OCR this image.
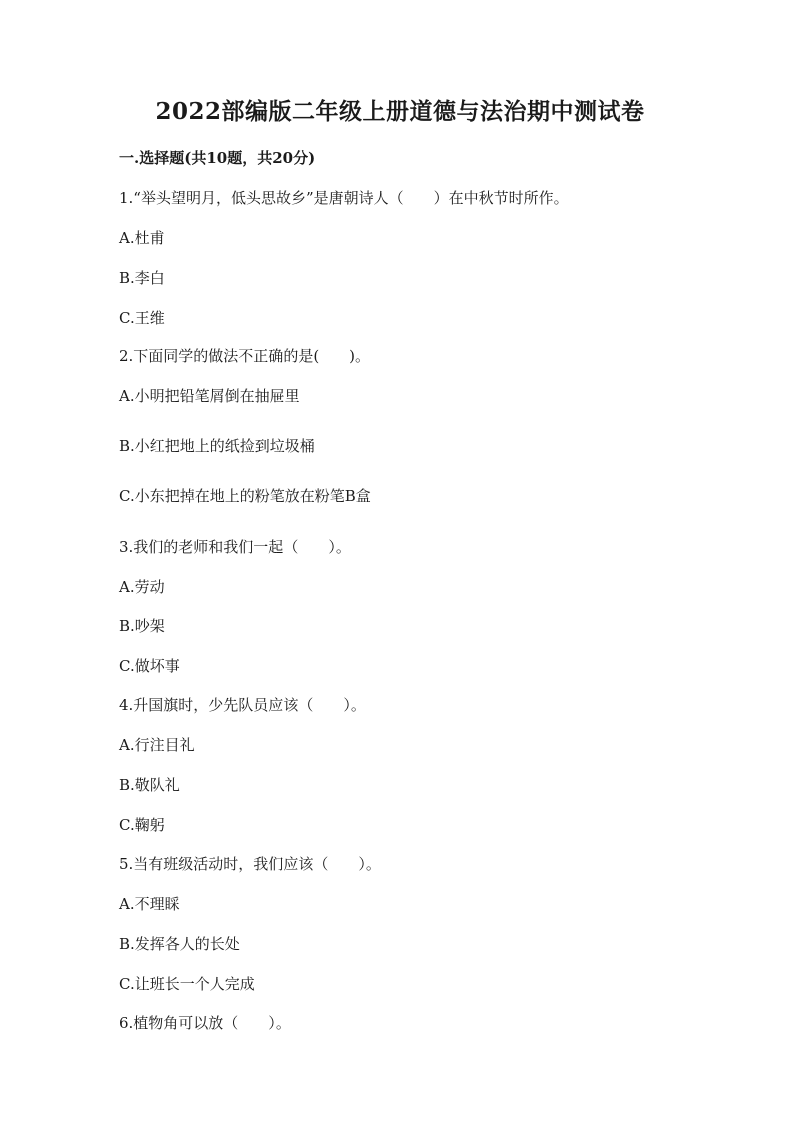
2022部编版二年级上册道德与法治期中测试卷
一.选择题(共10题，共20分)
1.“举头望明月，低头思故乡”是唐朝诗人（　　）在中秋节时所作。
A.杜甫
B.李白
C.王维
2.下面同学的做法不正确的是(　　)。
A.小明把铅笔屑倒在抽屉里
B.小红把地上的纸捡到垃圾桶
C.小东把掉在地上的粉笔放在粉笔B盒
3.我们的老师和我们一起（　　）。
A.劳动
B.吵架
C.做坏事
4.升国旗时，少先队员应该（　　）。
A.行注目礼
B.敬队礼
C.鞠躬
5.当有班级活动时，我们应该（　　）。
A.不理睬
B.发挥各人的长处
C.让班长一个人完成
6.植物角可以放（　　）。
